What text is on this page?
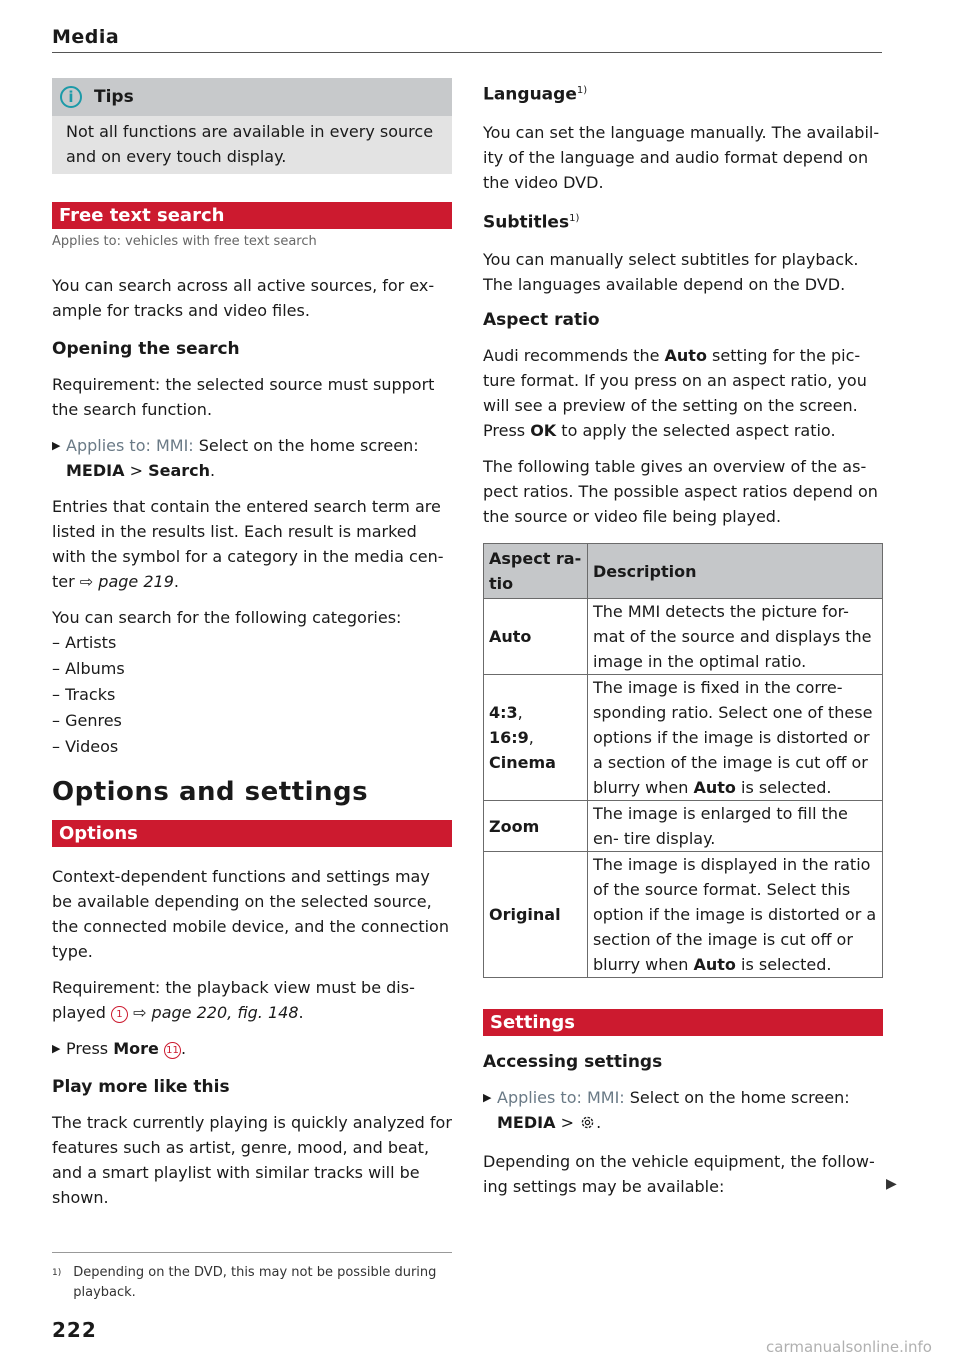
Media
i	Tips

Not all functions are available in every source and on every touch display.

Free text search

Applies to: vehicles with free text search

You can search across all active sources, for ex- ample for tracks and video files.

Opening the search

Requirement: the selected source must support the search function.

▶ Applies to: MMI: Select on the home screen:
MEDIA > Search.

Entries that contain the entered search term are listed in the results list. Each result is marked with the symbol for a category in the media cen- ter ⇨ page 219.

You can search for the following categories:

– Artists

– Albums

– Tracks

– Genres

– Videos

Options and settings
Options

Context-dependent functions and settings may be available depending on the selected source, the connected mobile device, and the connection type.

Requirement: the playback view must be dis- played 1 ⇨ page 220, fig. 148.

▶ Press More 11 .
Play more like this

The track currently playing is quickly analyzed for features such as artist, genre, mood, and beat, and a smart playlist with similar tracks will be shown.

1) Depending on the DVD, this may not be possible during playback.
222
Language$^{1)}$

You can set the language manually. The availabil- ity of the language and audio format depend on the video DVD.

Subtitles$^{1)}$

You can manually select subtitles for playback. The languages available depend on the DVD.

Aspect ratio

Audi recommends the Auto setting for the pic- ture format. If you press on an aspect ratio, you will see a preview of the setting on the screen. Press OK to apply the selected aspect ratio.

The following table gives an overview of the as- pect ratios. The possible aspect ratios depend on the source or video file being played.

Aspect ra- tio	Description
Auto	The MMI detects the picture for- mat of the source and displays the image in the optimal ratio.
4:3,
16:9,
Cinema	The image is fixed in the corre- sponding ratio. Select one of these options if the image is distorted or a section of the image is cut off or blurry when Auto is selected.
Zoom	The image is enlarged to fill the en- tire display.
Original	The image is displayed in the ratio of the source format. Select this option if the image is distorted or a section of the image is cut off or blurry when Auto is selected.
Settings
Accessing settings
▶ Applies to: MMI: Select on the home screen:
MEDIA > .

Depending on the vehicle equipment, the follow- ing settings may be available:	▶
carmanualsonline.info
